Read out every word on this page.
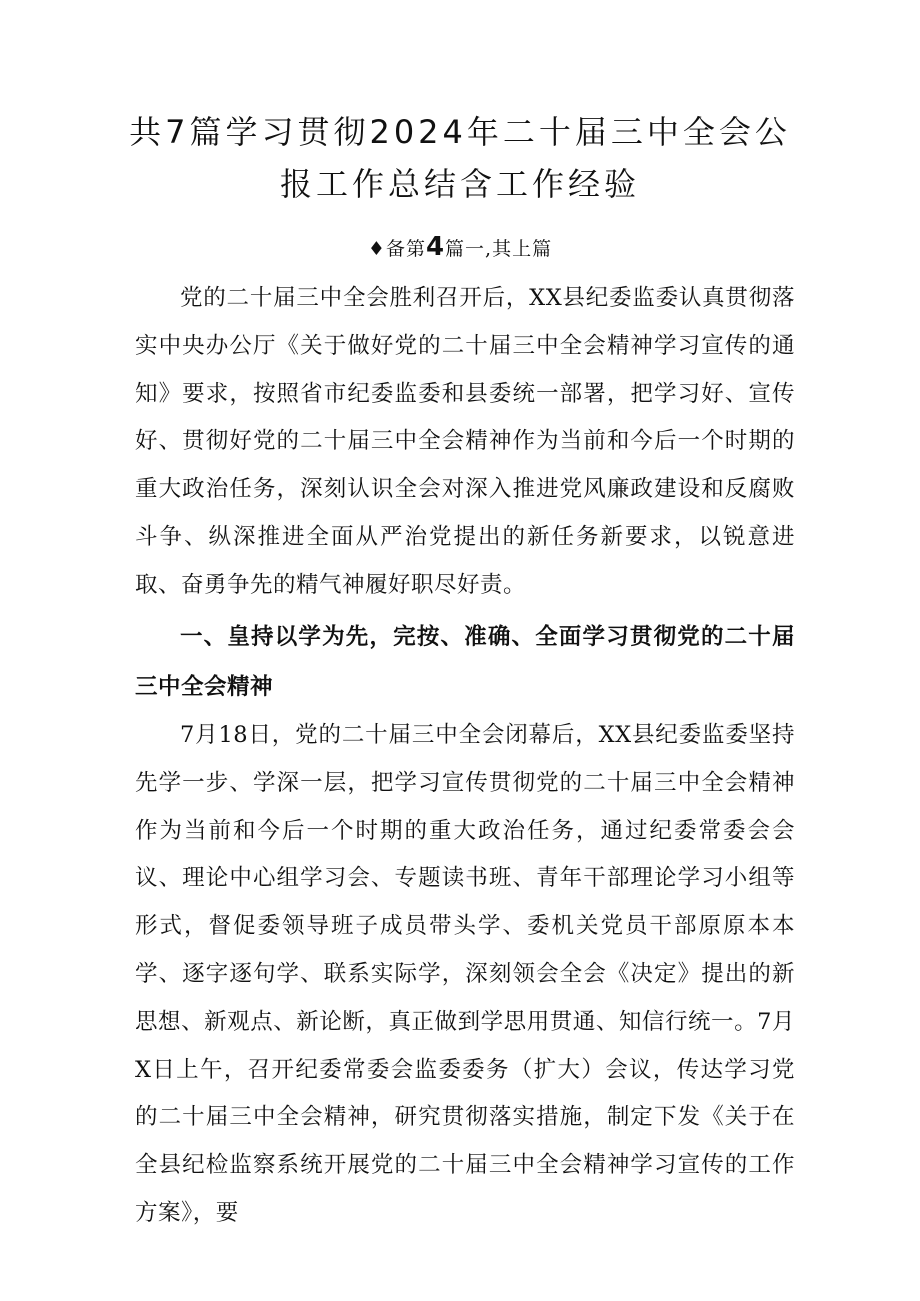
共7篇学习贯彻2024年二十届三中全会公
报工作总结含工作经验
♦备第4篇一,其上篇

党的二十届三中全会胜利召开后，XX县纪委监委认真贯彻落实中央办公厅《关于做好党的二十届三中全会精神学习宣传的通知》要求，按照省市纪委监委和县委统一部署，把学习好、宣传好、贯彻好党的二十届三中全会精神作为当前和今后一个时期的重大政治任务，深刻认识全会对深入推进党风廉政建设和反腐败斗争、纵深推进全面从严治党提出的新任务新要求，以锐意进取、奋勇争先的精气神履好职尽好责。

一、皇持以学为先，完按、准确、全面学习贯彻党的二十届三中全会精神

7月18日，党的二十届三中全会闭幕后，XX县纪委监委坚持先学一步、学深一层，把学习宣传贯彻党的二十届三中全会精神作为当前和今后一个时期的重大政治任务，通过纪委常委会会议、理论中心组学习会、专题读书班、青年干部理论学习小组等形式，督促委领导班子成员带头学、委机关党员干部原原本本学、逐字逐句学、联系实际学，深刻领会全会《决定》提出的新思想、新观点、新论断，真正做到学思用贯通、知信行统一。7月X日上午，召开纪委常委会监委委务（扩大）会议，传达学习党的二十届三中全会精神，研究贯彻落实措施，制定下发《关于在全县纪检监察系统开展党的二十届三中全会精神学习宣传的工作方案》，要
